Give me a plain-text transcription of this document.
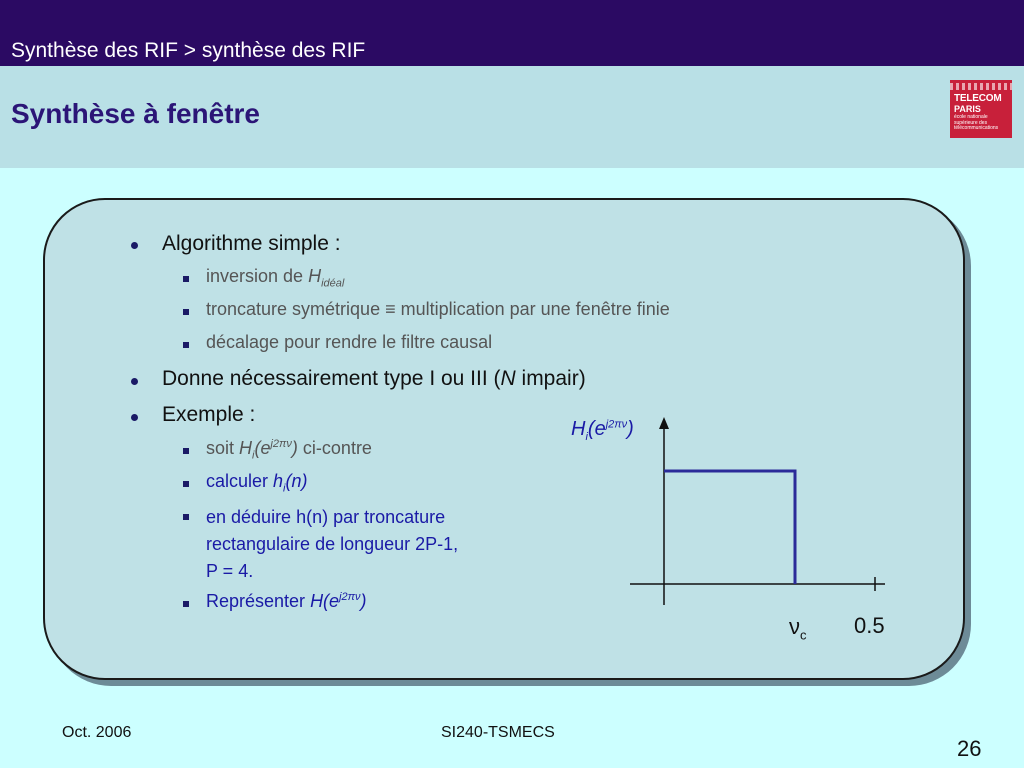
Synthèse des RIF > synthèse des RIF
Synthèse à fenêtre	TELECOM
PARIS
école nationale supérieure des télécommunications
Algorithme simple :
inversion de $H_{idéal}$
troncature symétrique ≡ multiplication par une fenêtre finie
décalage pour rendre le filtre causal
Donne nécessairement type I ou III (N impair)
Exemple :
soit $H_i(e^{j2\pi\nu})$ ci-contre
calculer $h_i(n)$
en déduire h(n) par troncature
rectangulaire de longueur 2P-1,
P = 4.
Représenter $H(e^{j2\pi\nu})$
$H_i(e^{j2\pi\nu})$
$\nu_c$ 0.5
Oct. 2006	SI240-TSMECS
26
